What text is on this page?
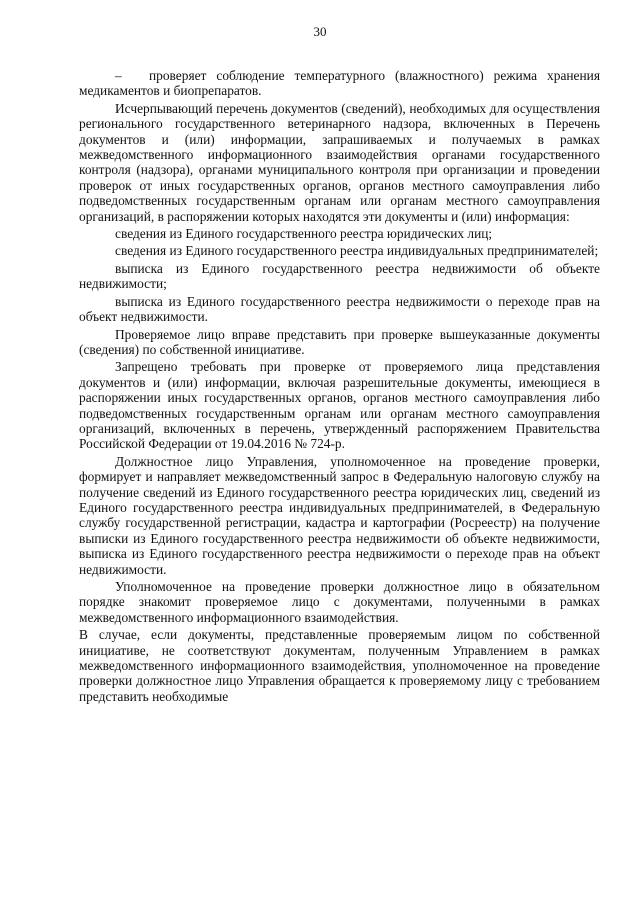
30

– проверяет соблюдение температурного (влажностного) режима хранения медикаментов и биопрепаратов.

Исчерпывающий перечень документов (сведений), необходимых для осуществления регионального государственного ветеринарного надзора, включенных в Перечень документов и (или) информации, запрашиваемых и получаемых в рамках межведомственного информационного взаимодействия органами государственного контроля (надзора), органами муниципального контроля при организации и проведении проверок от иных государственных органов, органов местного самоуправления либо подведомственных государственным органам или органам местного самоуправления организаций, в распоряжении которых находятся эти документы и (или) информация:

сведения из Единого государственного реестра юридических лиц;

сведения из Единого государственного реестра индивидуальных предпринимателей;

выписка из Единого государственного реестра недвижимости об объекте недвижимости;

выписка из Единого государственного реестра недвижимости о переходе прав на объект недвижимости.

Проверяемое лицо вправе представить при проверке вышеуказанные документы (сведения) по собственной инициативе.

Запрещено требовать при проверке от проверяемого лица представления документов и (или) информации, включая разрешительные документы, имеющиеся в распоряжении иных государственных органов, органов местного самоуправления либо подведомственных государственным органам или органам местного самоуправления организаций, включенных в перечень, утвержденный распоряжением Правительства Российской Федерации от 19.04.2016 № 724-р.

Должностное лицо Управления, уполномоченное на проведение проверки, формирует и направляет межведомственный запрос в Федеральную налоговую службу на получение сведений из Единого государственного реестра юридических лиц, сведений из Единого государственного реестра индивидуальных предпринимателей, в Федеральную службу государственной регистрации, кадастра и картографии (Росреестр) на получение выписки из Единого государственного реестра недвижимости об объекте недвижимости, выписка из Единого государственного реестра недвижимости о переходе прав на объект недвижимости.

Уполномоченное на проведение проверки должностное лицо в обязательном порядке знакомит проверяемое лицо с документами, полученными в рамках межведомственного информационного взаимодействия.

В случае, если документы, представленные проверяемым лицом по собственной инициативе, не соответствуют документам, полученным Управлением в рамках межведомственного информационного взаимодействия, уполномоченное на проведение проверки должностное лицо Управления обращается к проверяемому лицу с требованием представить необходимые
